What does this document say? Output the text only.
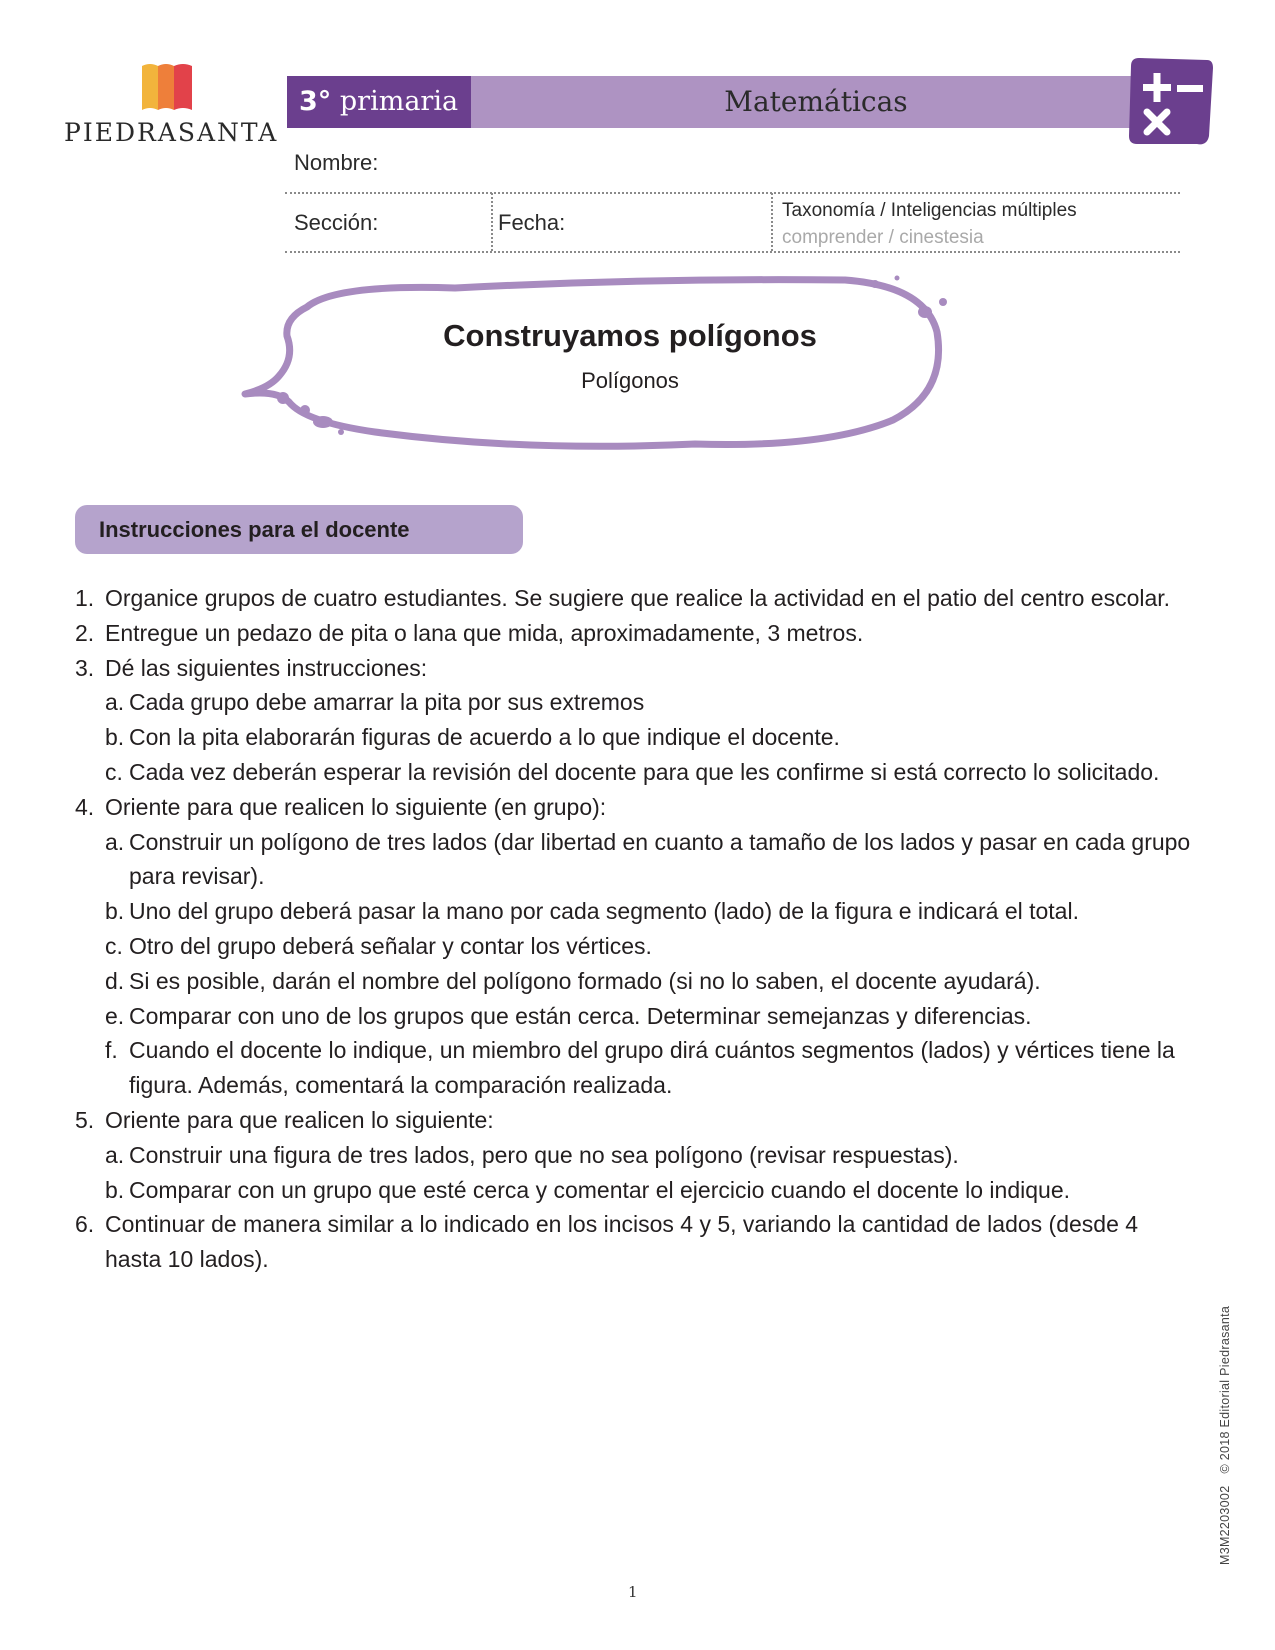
PIEDRASANTA
3° primaria	Matemáticas
Nombre:
Sección:	Fecha:	Taxonomía / Inteligencias múltiples
comprender / cinestesia
Construyamos polígonos
Polígonos
Instrucciones para el docente
1. Organice grupos de cuatro estudiantes. Se sugiere que realice la actividad en el patio del centro escolar.
2. Entregue un pedazo de pita o lana que mida, aproximadamente, 3 metros.
3. Dé las siguientes instrucciones:
a. Cada grupo debe amarrar la pita por sus extremos
b. Con la pita elaborarán figuras de acuerdo a lo que indique el docente.
c. Cada vez deberán esperar la revisión del docente para que les confirme si está correcto lo solicitado.
4. Oriente para que realicen lo siguiente (en grupo):
a. Construir un polígono de tres lados (dar libertad en cuanto a tamaño de los lados y pasar en cada grupo para revisar).
b. Uno del grupo deberá pasar la mano por cada segmento (lado) de la figura e indicará el total.
c. Otro del grupo deberá señalar y contar los vértices.
d. Si es posible, darán el nombre del polígono formado (si no lo saben, el docente ayudará).
e. Comparar con uno de los grupos que están cerca. Determinar semejanzas y diferencias.
f. Cuando el docente lo indique, un miembro del grupo dirá cuántos segmentos (lados) y vértices tiene la figura. Además, comentará la comparación realizada.
5. Oriente para que realicen lo siguiente:
a. Construir una figura de tres lados, pero que no sea polígono (revisar respuestas).
b. Comparar con un grupo que esté cerca y comentar el ejercicio cuando el docente lo indique.
6. Continuar de manera similar a lo indicado en los incisos 4 y 5, variando la cantidad de lados (desde 4 hasta 10 lados).
M3M2203002© 2018 Editorial Piedrasanta
1
